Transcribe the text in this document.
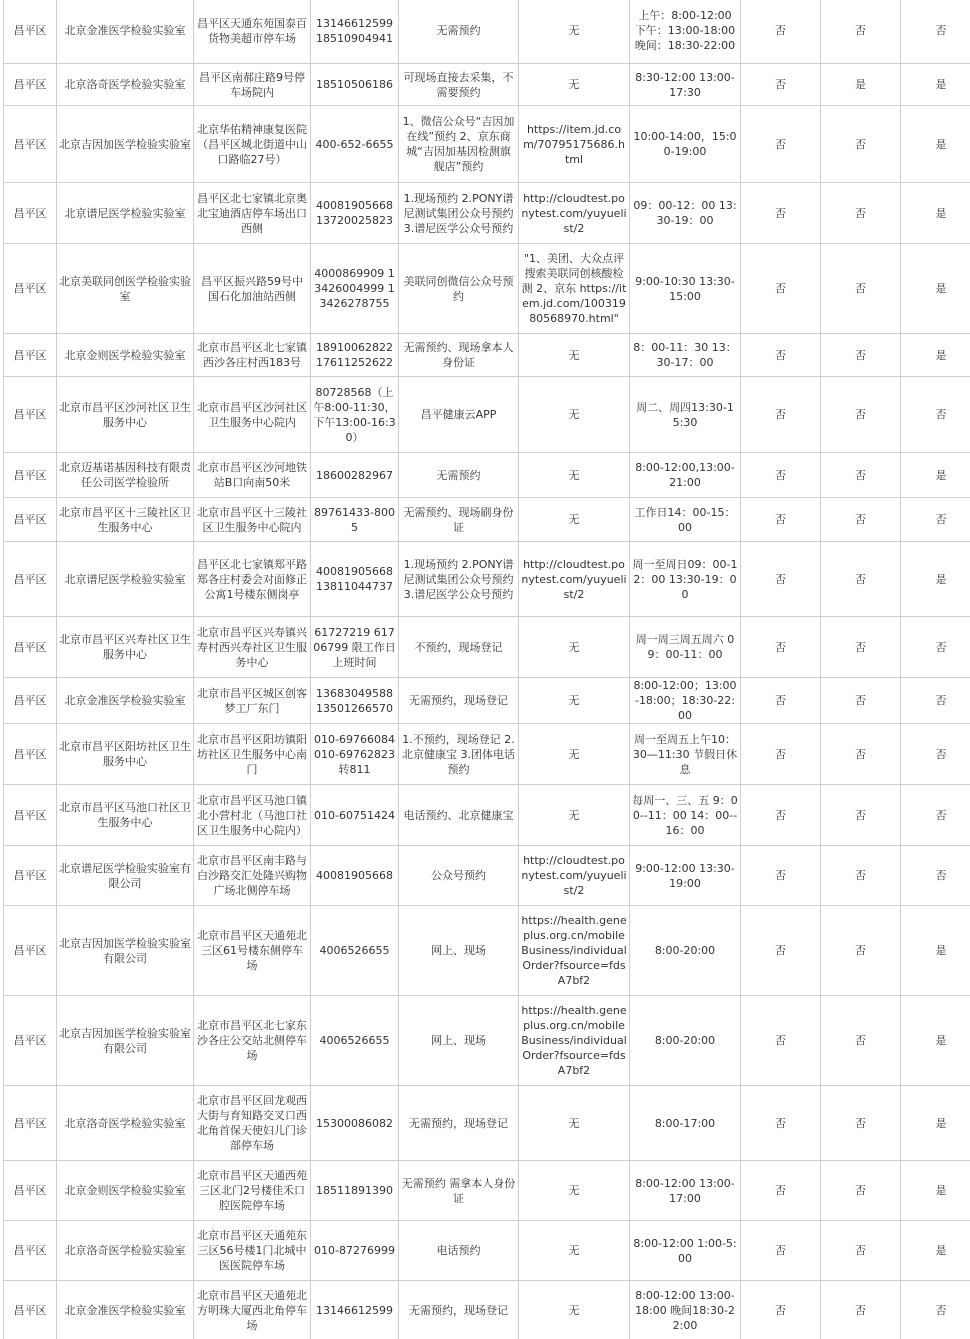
昌平区	北京金准医学检验实验室	昌平区天通东苑国泰百货物美超市停车场	13146612599 18510904941	无需预约	无	上午：8:00-12:00 下午：13:00-18:00 晚间：18:30-22:00	否	否	否
昌平区	北京洛奇医学检验实验室	昌平区南郝庄路9号停车场院内	18510506186	可现场直接去采集，不需要预约	无	8:30-12:00 13:00-17:30	否	是	是
昌平区	北京吉因加医学检验实验室	北京华佑精神康复医院（昌平区城北街道中山口路临27号）	400-652-6655	1、微信公众号“吉因加在线”预约 2、京东商城“吉因加基因检测旗舰店”预约	https://item.jd.com/70795175686.html	10:00-14:00，15:00-19:00	否	否	是
昌平区	北京谱尼医学检验实验室	昌平区北七家镇北京奥北宝迪酒店停车场出口西侧	40081905668 13720025823	1.现场预约 2.PONY谱尼测试集团公众号预约3.谱尼医学公众号预约	http://cloudtest.ponytest.com/yuyuelist/2	09：00-12：00 13:30-19：00	否	否	是
昌平区	北京美联同创医学检验实验室	昌平区振兴路59号中国石化加油站西侧	4000869909 13426004999 13426278755	美联同创微信公众号预约	"1、美团、大众点评搜索美联同创核酸检测 2、京东 https://item.jd.com/10031980568970.html"	9:00-10:30 13:30-15:00	否	否	是
昌平区	北京金则医学检验实验室	北京市昌平区北七家镇西沙各庄村西183号	18910062822 17611252622	无需预约、现场拿本人身份证	无	8：00-11：30 13：30-17：00	否	否	是
昌平区	北京市昌平区沙河社区卫生服务中心	北京市昌平区沙河社区卫生服务中心院内	80728568（上午8:00-11:30，下午13:00-16:30）	昌平健康云APP	无	周二、周四13:30-15:30	否	否	否
昌平区	北京迈基诺基因科技有限责任公司医学检验所	北京市昌平区沙河地铁站B口向南50米	18600282967	无需预约	无	8:00-12:00,13:00-21:00	否	否	是
昌平区	北京市昌平区十三陵社区卫生服务中心	北京市昌平区十三陵社区卫生服务中心院内	89761433-8005	无需预约、现场刷身份证	无	工作日14：00-15：00	否	否	否
昌平区	北京谱尼医学检验实验室	昌平区北七家镇郑平路郑各庄村委会对面修正公寓1号楼东侧岗亭	40081905668 13811044737	1.现场预约 2.PONY谱尼测试集团公众号预约3.谱尼医学公众号预约	http://cloudtest.ponytest.com/yuyuelist/2	周一至周日09：00-12：00 13:30-19：00	否	否	是
昌平区	北京市昌平区兴寿社区卫生服务中心	北京市昌平区兴寿镇兴寿村西兴寿社区卫生服务中心	61727219 61706799 限工作日上班时间	不预约，现场登记	无	周一周三周五周六 09：00-11：00	否	否	否
昌平区	北京金准医学检验实验室	北京市昌平区城区创客梦工厂东门	13683049588 13501266570	无需预约，现场登记	无	8:00-12:00；13:00-18:00；18:30-22:00	否	否	否
昌平区	北京市昌平区阳坊社区卫生服务中心	北京市昌平区阳坊镇阳坊社区卫生服务中心南门	010-69766084 010-69762823转811	1.不预约，现场登记 2.北京健康宝 3.团体电话预约	无	周一至周五上午10：30—11:30 节假日休息	否	否	否
昌平区	北京市昌平区马池口社区卫生服务中心	北京市昌平区马池口镇北小营村北（马池口社区卫生服务中心院内）	010-60751424	电话预约、北京健康宝	无	每周一、三、五 9：00--11：00 14：00--16：00	否	否	否
昌平区	北京谱尼医学检验实验室有限公司	北京市昌平区南丰路与白沙路交汇处隆兴购物广场北侧停车场	40081905668	公众号预约	http://cloudtest.ponytest.com/yuyuelist/2	9:00-12:00 13:30-19:00	否	否	否
昌平区	北京吉因加医学检验实验室有限公司	北京市昌平区天通苑北三区61号楼东侧停车场	4006526655	网上、现场	https://health.geneplus.org.cn/mobileBusiness/individualOrder?fsource=fdsA7bf2	8:00-20:00	否	否	是
昌平区	北京吉因加医学检验实验室有限公司	北京市昌平区北七家东沙各庄公交站北侧停车场	4006526655	网上、现场	https://health.geneplus.org.cn/mobileBusiness/individualOrder?fsource=fdsA7bf2	8:00-20:00	否	否	是
昌平区	北京洛奇医学检验实验室	北京市昌平区回龙观西大街与育知路交叉口西北角首保天使妇儿门诊部停车场	15300086082	无需预约，现场登记	无	8:00-17:00	否	否	是
昌平区	北京金则医学检验实验室	北京市昌平区天通西苑三区北门2号楼佳禾口腔医院停车场	18511891390	无需预约 需拿本人身份证	无	8:00-12:00 13:00-17:00	否	否	是
昌平区	北京洛奇医学检验实验室	北京市昌平区天通苑东三区56号楼1门北城中医医院停车场	010-87276999	电话预约	无	8:00-12:00 1:00-5:00	否	否	是
昌平区	北京金准医学检验实验室	北京市昌平区天通苑北方明珠大厦西北角停车场	13146612599	无需预约，现场登记	无	8:00-12:00 13:00-18:00 晚间18:30-22:00	否	否	否
